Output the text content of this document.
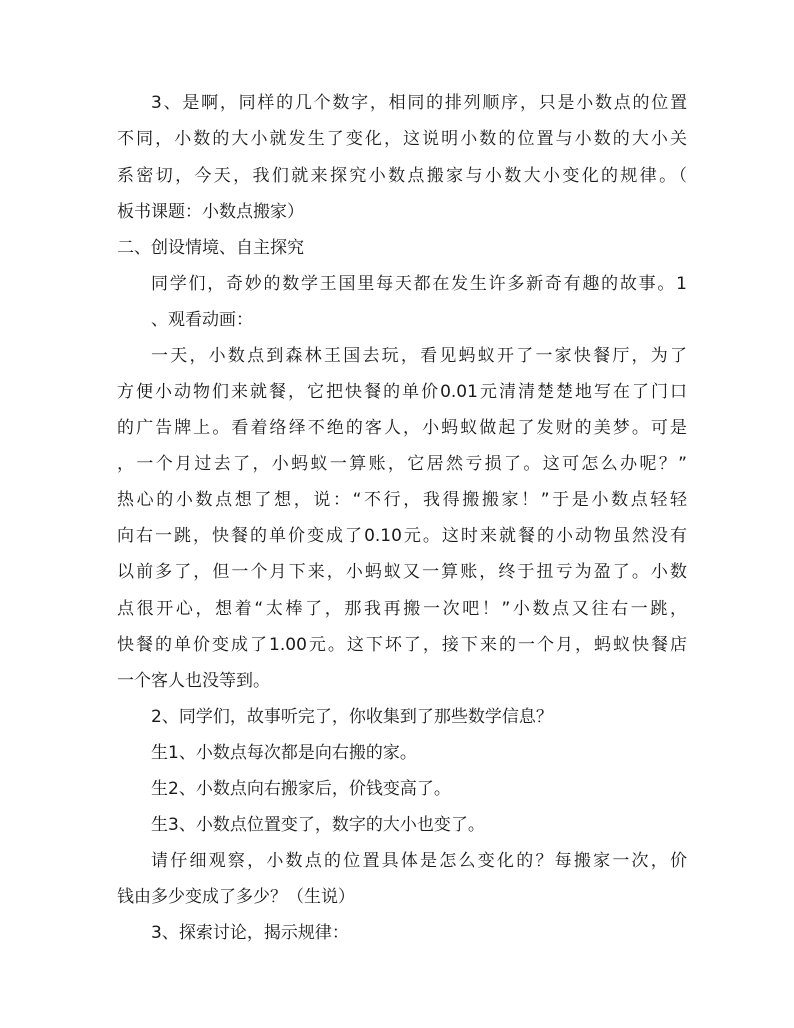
3、是啊，同样的几个数字，相同的排列顺序，只是小数点的位置
不同，小数的大小就发生了变化，这说明小数的位置与小数的大小关
系密切，今天，我们就来探究小数点搬家与小数大小变化的规律。（
板书课题：小数点搬家）
二、创设情境、自主探究
同学们，奇妙的数学王国里每天都在发生许多新奇有趣的故事。1
、观看动画：
一天，小数点到森林王国去玩，看见蚂蚁开了一家快餐厅，为了
方便小动物们来就餐，它把快餐的单价0.01元清清楚楚地写在了门口
的广告牌上。看着络绎不绝的客人，小蚂蚁做起了发财的美梦。可是
，一个月过去了，小蚂蚁一算账，它居然亏损了。这可怎么办呢？”
热心的小数点想了想，说：“不行，我得搬搬家！”于是小数点轻轻
向右一跳，快餐的单价变成了0.10元。这时来就餐的小动物虽然没有
以前多了，但一个月下来，小蚂蚁又一算账，终于扭亏为盈了。小数
点很开心，想着“太棒了，那我再搬一次吧！”小数点又往右一跳，
快餐的单价变成了1.00元。这下坏了，接下来的一个月，蚂蚁快餐店
一个客人也没等到。
2、同学们，故事听完了，你收集到了那些数学信息？
生1、小数点每次都是向右搬的家。
生2、小数点向右搬家后，价钱变高了。
生3、小数点位置变了，数字的大小也变了。
请仔细观察，小数点的位置具体是怎么变化的？每搬家一次，价
钱由多少变成了多少？（生说）
3、探索讨论，揭示规律：
